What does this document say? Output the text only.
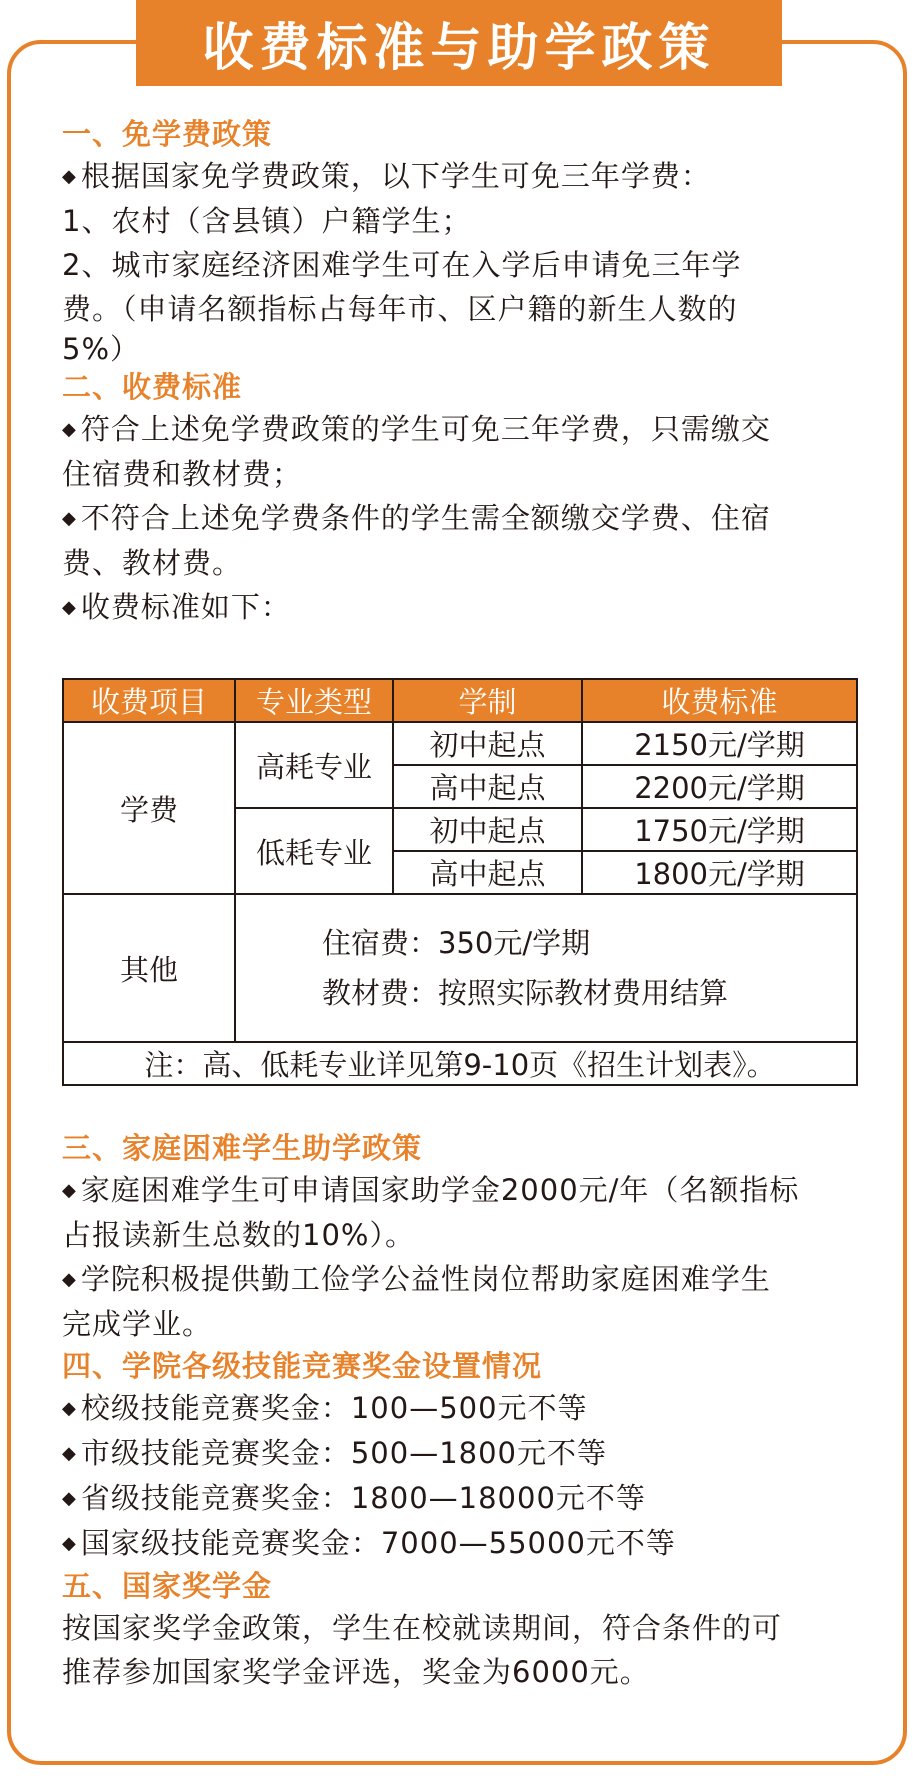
收费标准与助学政策
一、免学费政策
◆ 根据国家免学费政策，以下学生可免三年学费：
1、农村（含县镇）户籍学生；
2、城市家庭经济困难学生可在入学后申请免三年学
费。（申请名额指标占每年市、区户籍的新生人数的
5%）
二、收费标准
◆ 符合上述免学费政策的学生可免三年学费，只需缴交
住宿费和教材费；
◆ 不符合上述免学费条件的学生需全额缴交学费、住宿
费、教材费。
◆ 收费标准如下：
收费项目	专业类型	学制	收费标准
学费	高耗专业	初中起点	2150元/学期
		高中起点	2200元/学期
	低耗专业	初中起点	1750元/学期
		高中起点	1800元/学期
其他	住宿费：350元/学期
教材费：按照实际教材费用结算		

注：高、低耗专业详见第9-10页《招生计划表》。			
三、家庭困难学生助学政策
◆ 家庭困难学生可申请国家助学金2000元/年（名额指标
占报读新生总数的10%）。
◆ 学院积极提供勤工俭学公益性岗位帮助家庭困难学生
完成学业。
四、学院各级技能竞赛奖金设置情况
◆ 校级技能竞赛奖金：100—500元不等
◆ 市级技能竞赛奖金：500—1800元不等
◆ 省级技能竞赛奖金：1800—18000元不等
◆ 国家级技能竞赛奖金：7000—55000元不等
五、国家奖学金
按国家奖学金政策，学生在校就读期间，符合条件的可
推荐参加国家奖学金评选，奖金为6000元。
